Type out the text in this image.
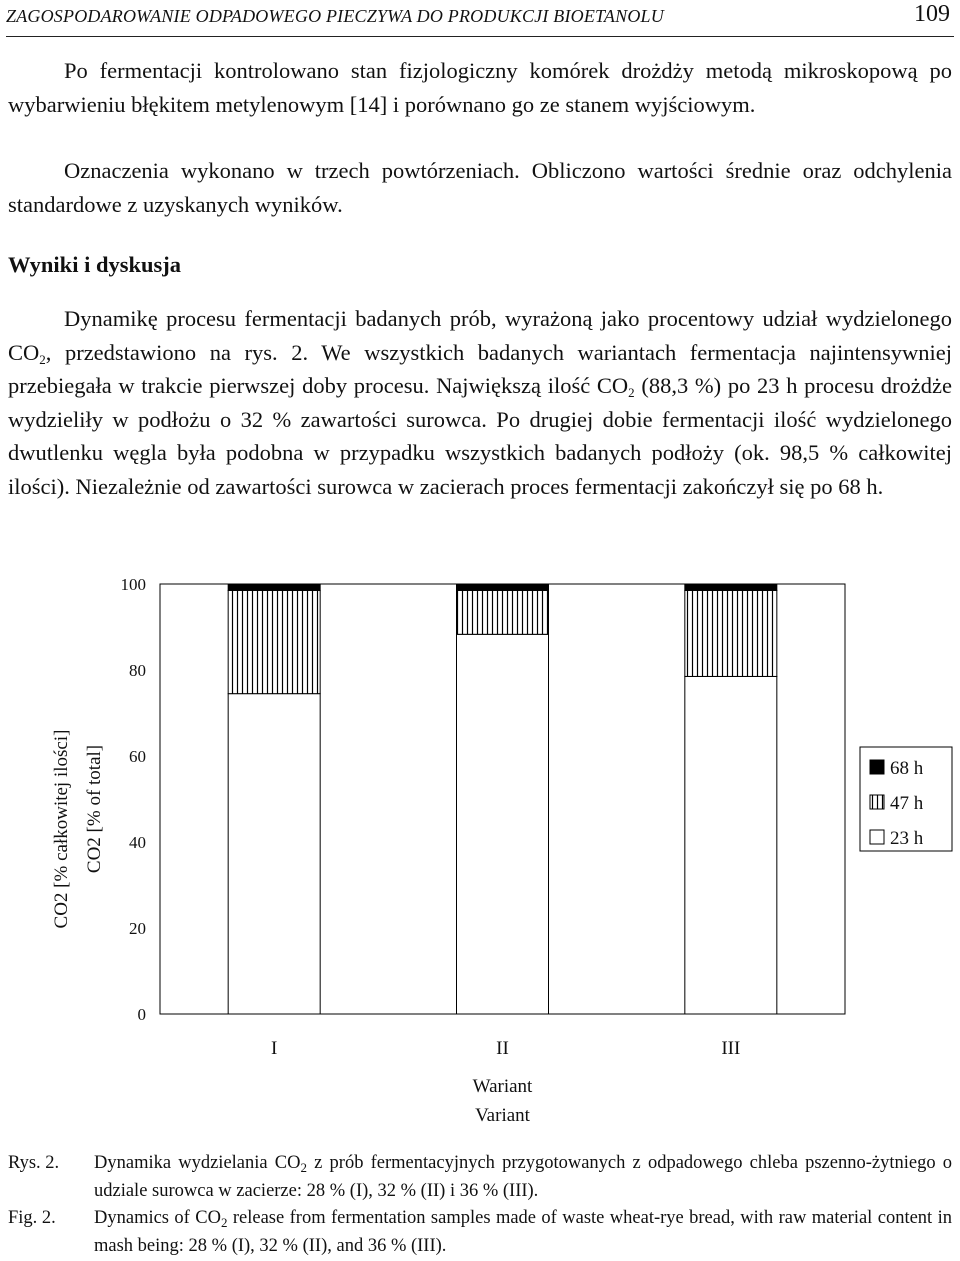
ZAGOSPODAROWANIE ODPADOWEGO PIECZYWA DO PRODUKCJI BIOETANOLU	109

Po fermentacji kontrolowano stan fizjologiczny komórek drożdży metodą mikroskopową po wybarwieniu błękitem metylenowym [14] i porównano go ze stanem wyjściowym.

Oznaczenia wykonano w trzech powtórzeniach. Obliczono wartości średnie oraz odchylenia standardowe z uzyskanych wyników.

Wyniki i dyskusja

Dynamikę procesu fermentacji badanych prób, wyrażoną jako procentowy udział wydzielonego $CO_2$, przedstawiono na rys. 2. We wszystkich badanych wariantach fermentacja najintensywniej przebiegała w trakcie pierwszej doby procesu. Największą ilość $CO_2$ (88,3 %) po 23 h procesu drożdże wydzieliły w podłożu o 32 % zawartości surowca. Po drugiej dobie fermentacji ilość wydzielonego dwutlenku węgla była podobna w przypadku wszystkich badanych podłoży (ok. 98,5 % całkowitej ilości). Niezależnie od zawartości surowca w zacierach proces fermentacji zakończył się po 68 h.

0
20
40
60
80
100
I	II	III
Wariant
Variant
CO2 [% całkowitej ilości] CO2 [% of total]	68 h
47 h
23 h
Rys. 2. Dynamika wydzielania $CO_2$ z prób fermentacyjnych przygotowanych z odpadowego chleba pszenno-żytniego o udziale surowca w zacierze: 28 % (I), 32 % (II) i 36 % (III).
Fig. 2. Dynamics of $CO_2$ release from fermentation samples made of waste wheat-rye bread, with raw material content in mash being: 28 % (I), 32 % (II), and 36 % (III).
